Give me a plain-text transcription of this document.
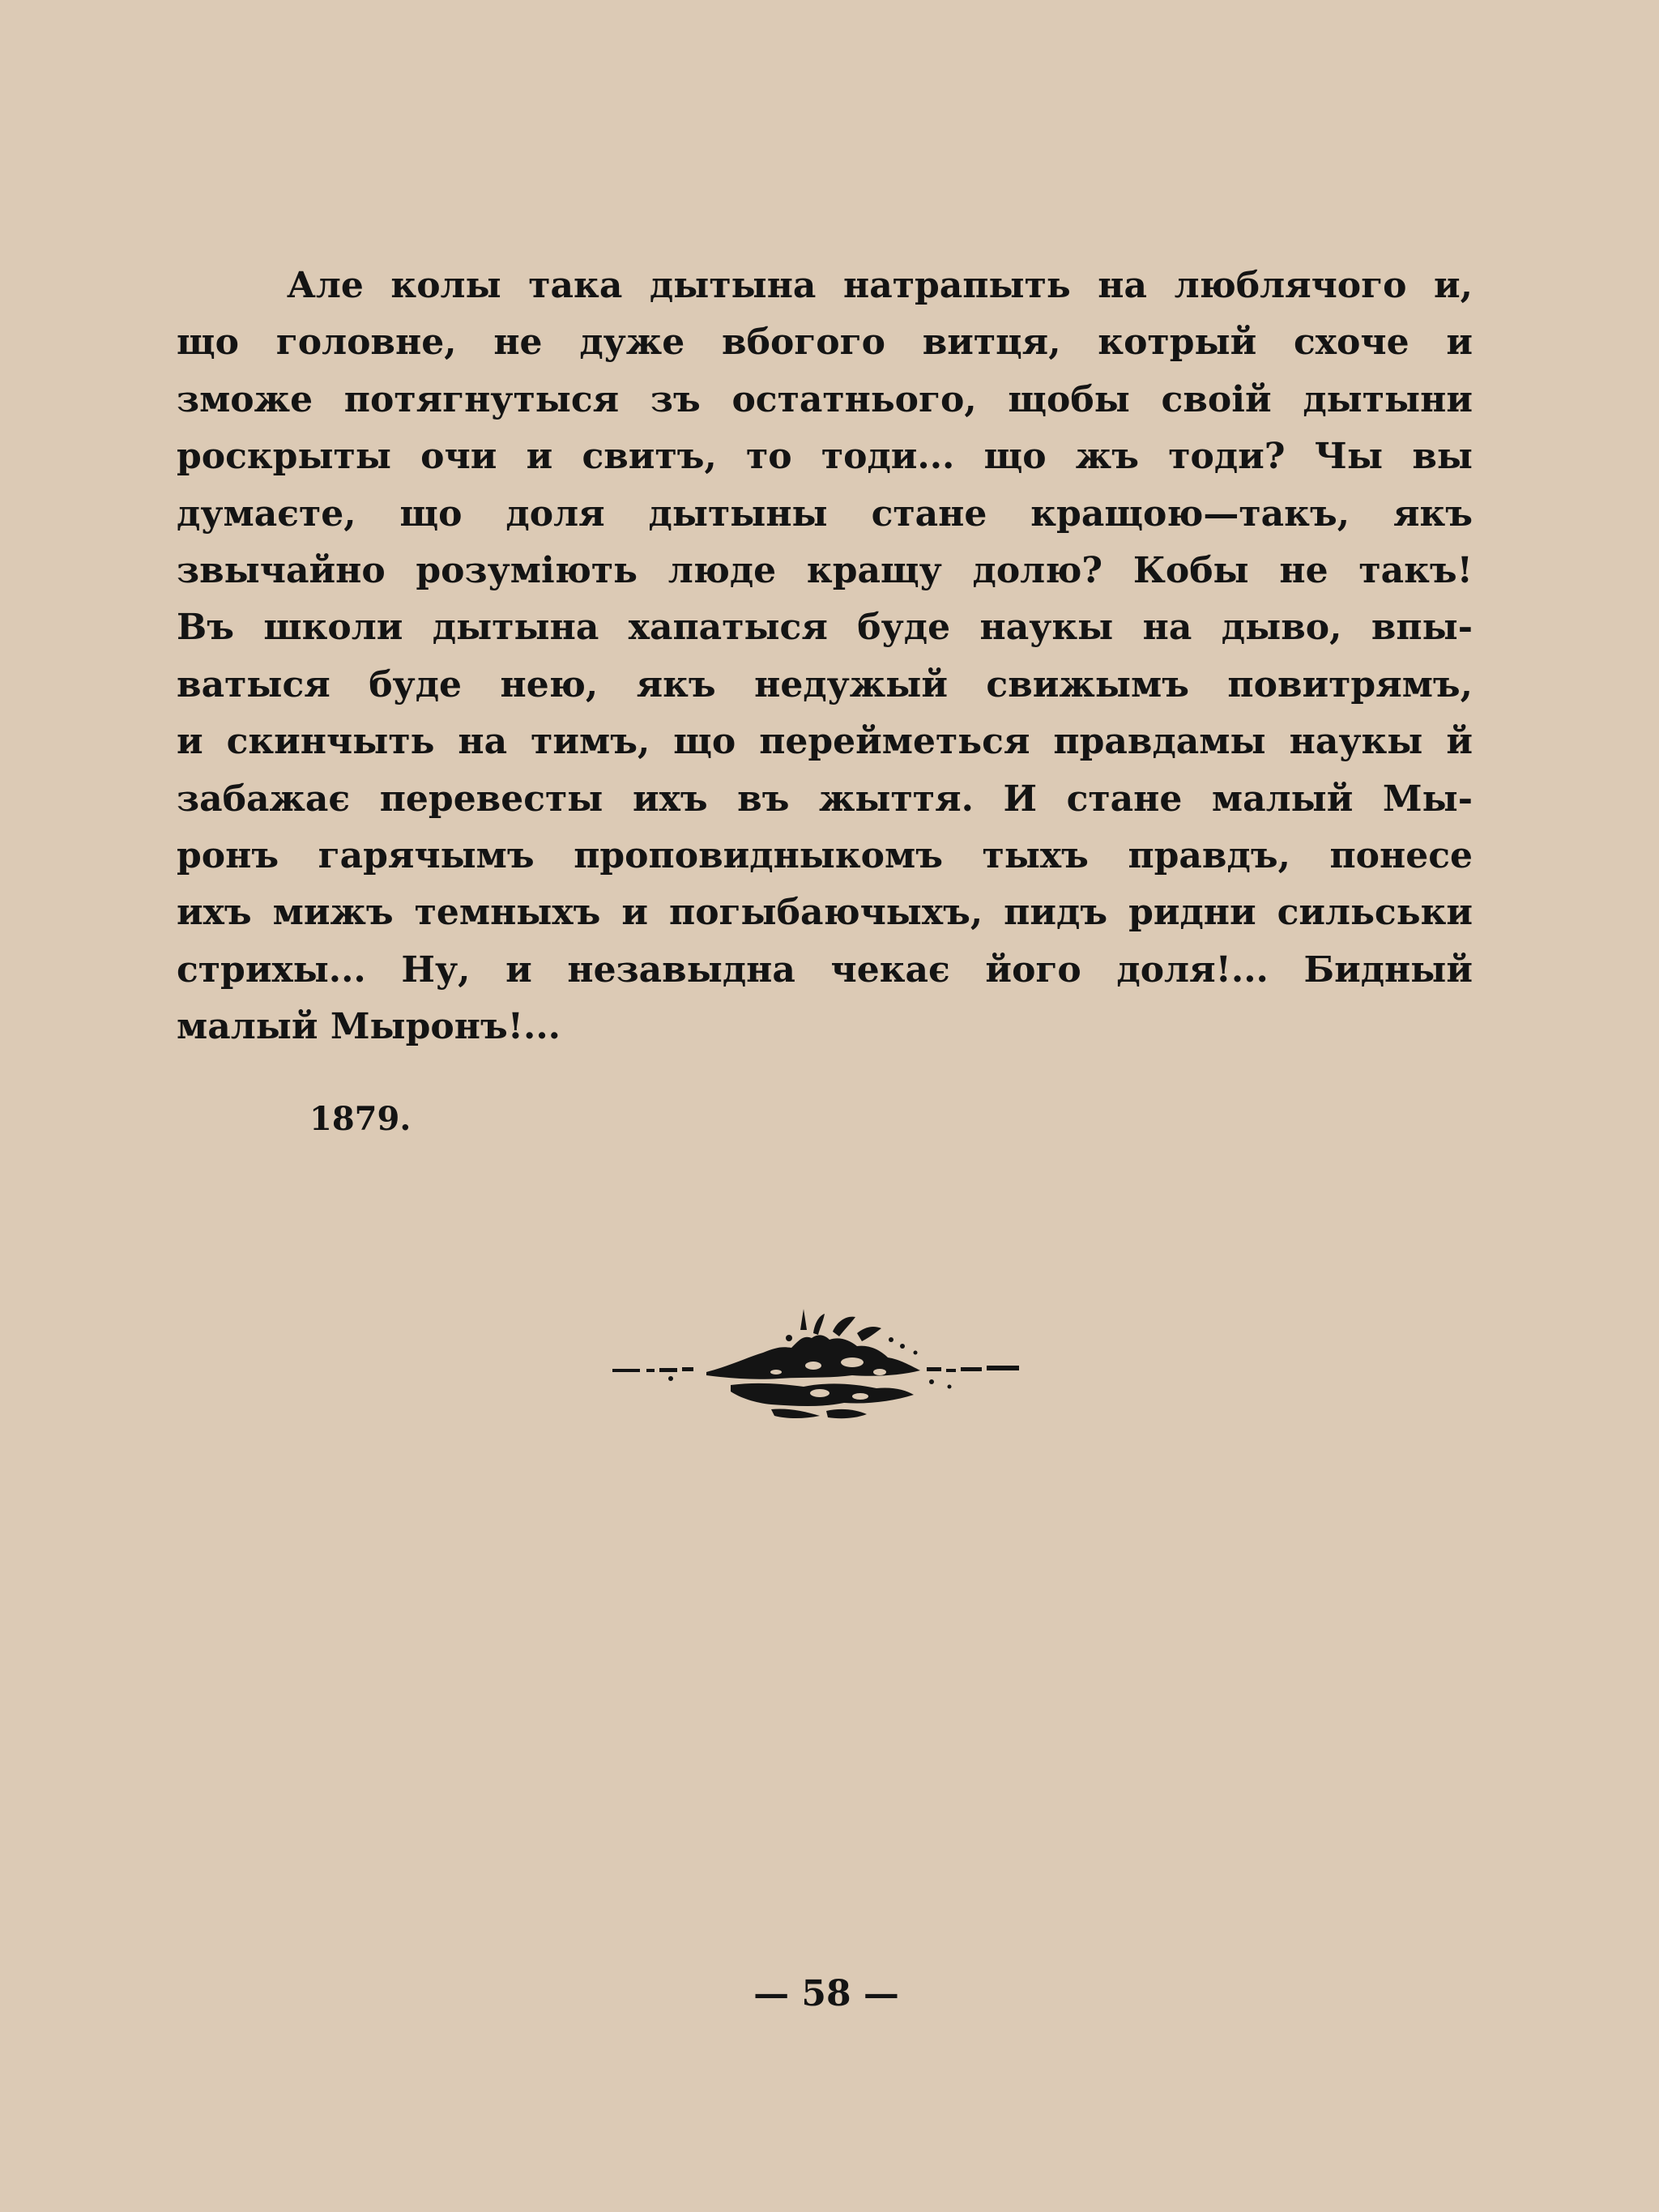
Але колы така дытына натрапыть на люблячого и,
що головне, не дуже вбогого витця, котрый схоче и
зможе потягнутыся зъ остатнього, щобы своій дытыни
роскрыты очи и свитъ, то тоди... що жъ тоди? Чы вы
думаєте, що доля дытыны стане кращою—такъ, якъ
звычайно розуміють люде кращу долю? Кобы не такъ!
Въ школи дытына хапатыся буде наукы на дыво, впы-
ватыся буде нею, якъ недужый свижымъ повитрямъ,
и скинчыть на тимъ, що перейметься правдамы наукы й
забажає перевесты ихъ въ жыття. И стане малый Мы-
ронъ гарячымъ проповидныкомъ тыхъ правдъ, понесе
ихъ мижъ темныхъ и погыбаючыхъ, пидъ ридни сильськи
стрихы... Ну, и незавыдна чекає його доля!... Бидный
малый Мыронъ!...
1879.
— 58 —
